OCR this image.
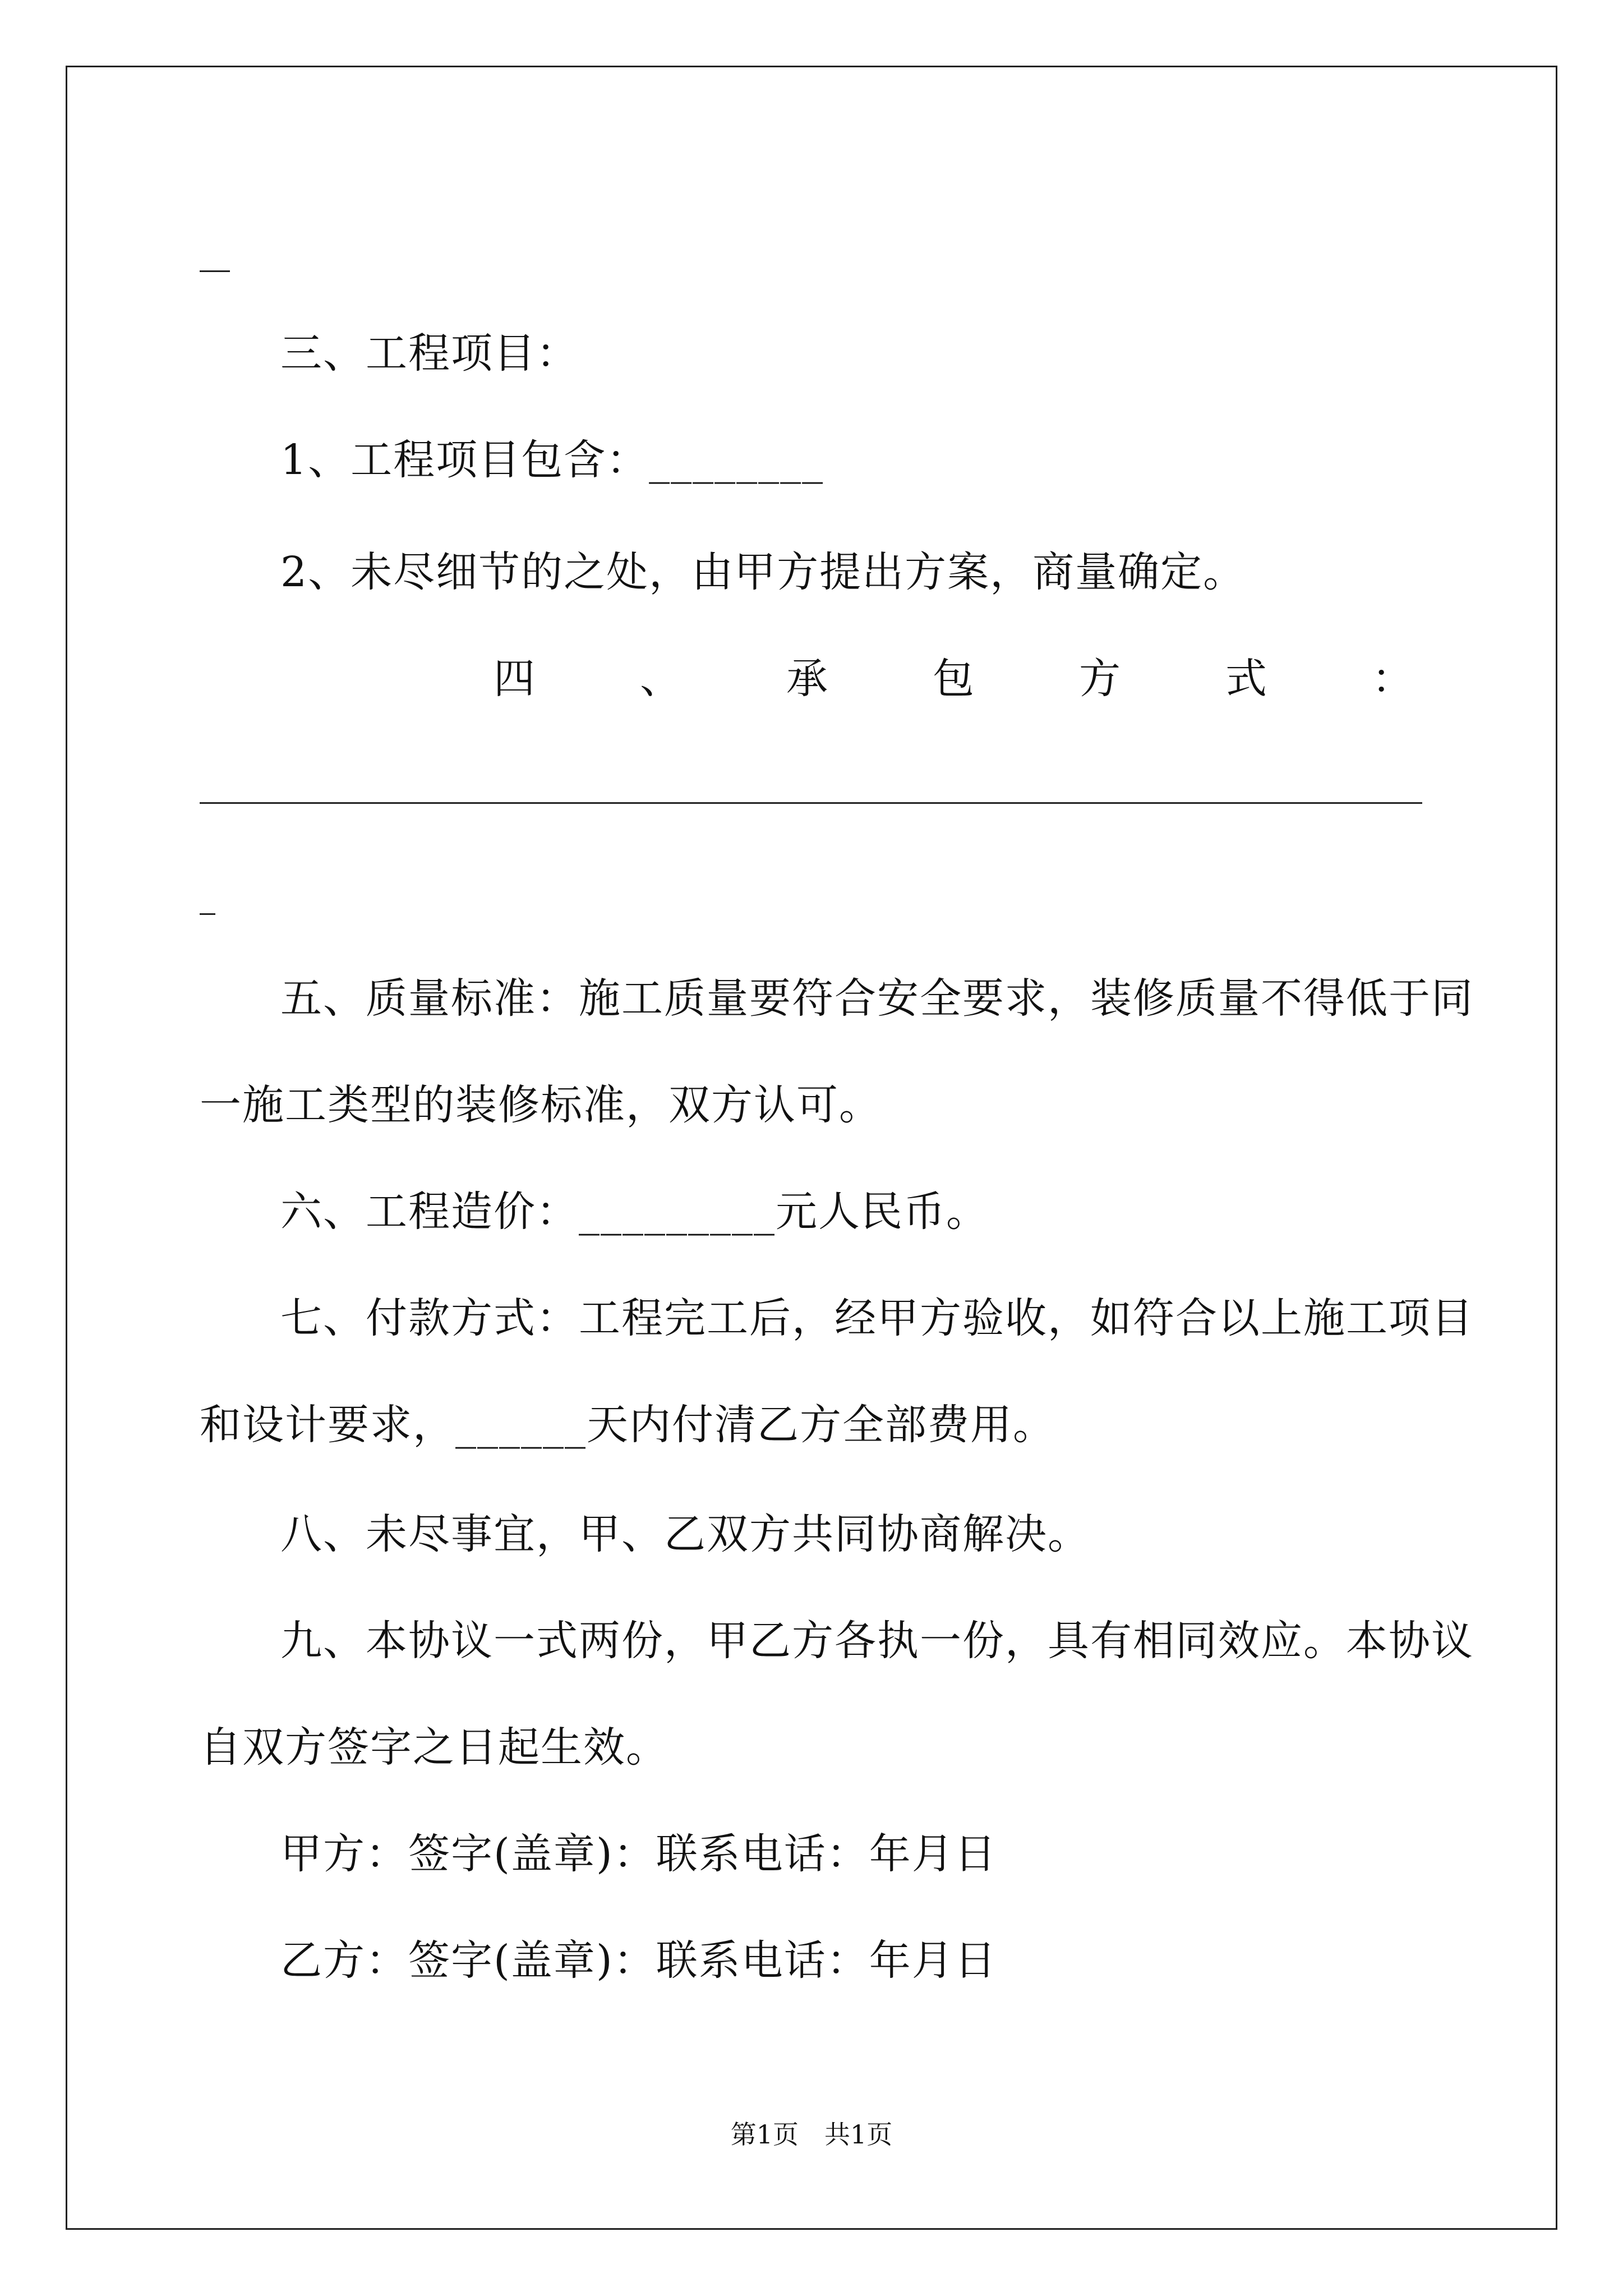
三、工程项目：
1、工程项目包含：________
2、未尽细节的之处，由甲方提出方案，商量确定。
四	、	承	包	方	式	：
五、质量标准：施工质量要符合安全要求，装修质量不得低于同
一施工类型的装修标准，双方认可。
六、工程造价：_________元人民币。
七、付款方式：工程完工后，经甲方验收，如符合以上施工项目
和设计要求，______天内付清乙方全部费用。
八、未尽事宜，甲、乙双方共同协商解决。
九、本协议一式两份，甲乙方各执一份，具有相同效应。本协议
自双方签字之日起生效。
甲方：签字(盖章)：联系电话：年月日
乙方：签字(盖章)：联系电话：年月日
第1页　共1页
